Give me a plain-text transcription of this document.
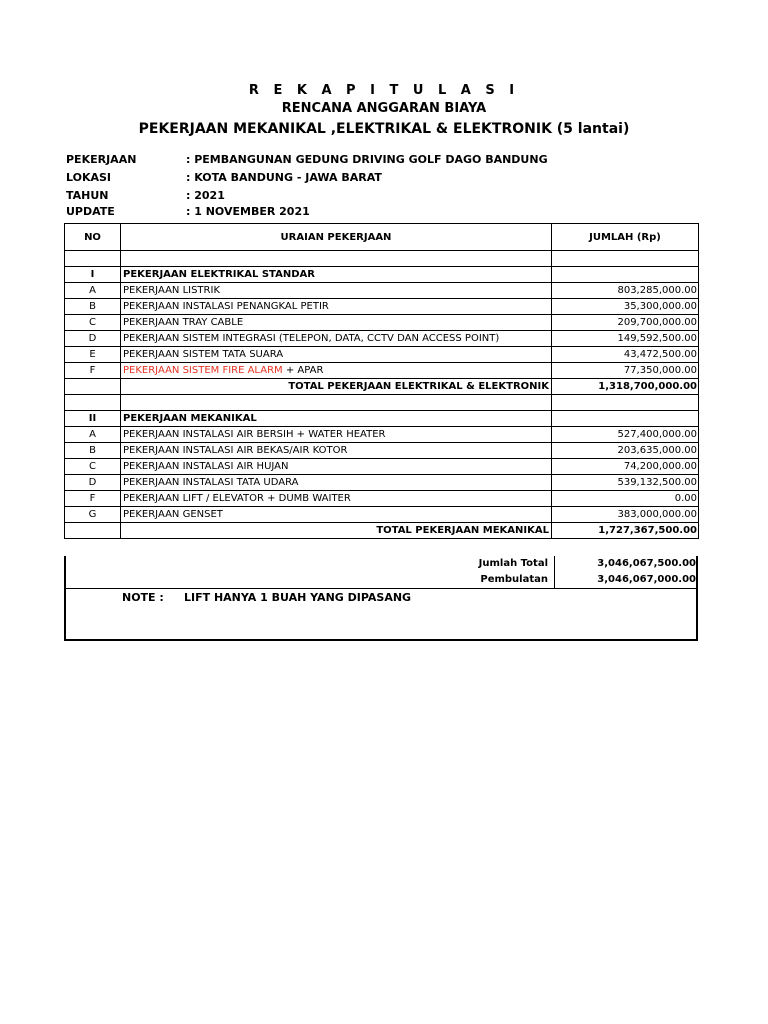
R E K A P I T U L A S I
RENCANA ANGGARAN BIAYA
PEKERJAAN MEKANIKAL ,ELEKTRIKAL & ELEKTRONIK (5 lantai)
PEKERJAAN	: PEMBANGUNAN GEDUNG DRIVING GOLF DAGO BANDUNG
LOKASI	: KOTA BANDUNG - JAWA BARAT
TAHUN	: 2021
UPDATE	: 1 NOVEMBER 2021
NO	URAIAN PEKERJAAN	JUMLAH (Rp)

I	PEKERJAAN ELEKTRIKAL STANDAR	
A	PEKERJAAN LISTRIK	803,285,000.00
B	PEKERJAAN INSTALASI PENANGKAL PETIR	35,300,000.00
C	PEKERJAAN TRAY CABLE	209,700,000.00
D	PEKERJAAN SISTEM INTEGRASI (TELEPON, DATA, CCTV DAN ACCESS POINT)	149,592,500.00
E	PEKERJAAN SISTEM TATA SUARA	43,472,500.00
F	PEKERJAAN SISTEM FIRE ALARM + APAR	77,350,000.00
	TOTAL PEKERJAAN ELEKTRIKAL & ELEKTRONIK	1,318,700,000.00

II	PEKERJAAN MEKANIKAL	
A	PEKERJAAN INSTALASI AIR BERSIH + WATER HEATER	527,400,000.00
B	PEKERJAAN INSTALASI AIR BEKAS/AIR KOTOR	203,635,000.00
C	PEKERJAAN INSTALASI AIR HUJAN	74,200,000.00
D	PEKERJAAN INSTALASI TATA UDARA	539,132,500.00
F	PEKERJAAN LIFT / ELEVATOR + DUMB WAITER	0.00
G	PEKERJAAN GENSET	383,000,000.00
	TOTAL PEKERJAAN MEKANIKAL	1,727,367,500.00
Jumlah Total	3,046,067,500.00
Pembulatan	3,046,067,000.00
NOTE : LIFT HANYA 1 BUAH YANG DIPASANG
